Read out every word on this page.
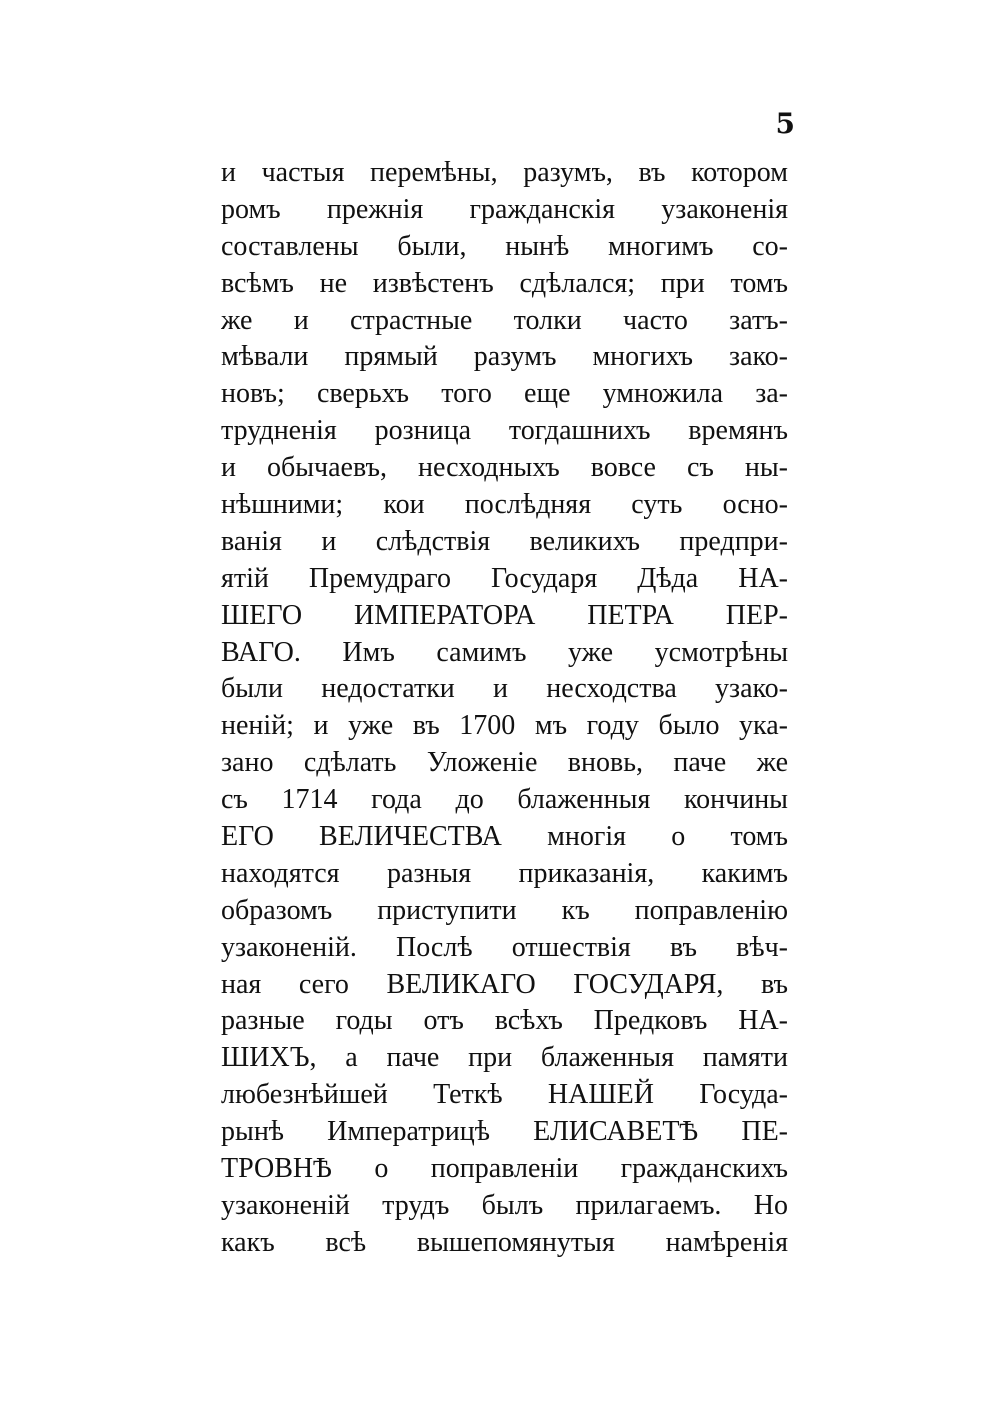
5
и частыя перемѣны, разумъ, въ котором
ромъ прежнія гражданскія узаконенія
составлены были, нынѣ многимъ со-
всѣмъ не извѣстенъ сдѣлался; при томъ
же и страстные толки часто затъ-
мѣвали прямый разумъ многихъ зако-
новъ; сверьхъ того еще умножила за-
трудненія розница тогдашнихъ времянъ
и обычаевъ, несходныхъ вовсе съ ны-
нѣшними; кои послѣдняя суть осно-
ванія и слѣдствія великихъ предпри-
ятій Премудраго Государя Дѣда НА-
ШЕГО ИМПЕРАТОРА ПЕТРА ПЕР-
ВАГО. Имъ самимъ уже усмотрѣны
были недостатки и несходства узако-
неній; и уже въ 1700 мъ году было ука-
зано сдѣлать Уложеніе вновь, паче же
съ 1714 года до блаженныя кончины
ЕГО ВЕЛИЧЕСТВА многія о томъ
находятся разныя приказанія, какимъ
образомъ приступити къ поправленію
узаконеній. Послѣ отшествія въ вѣч-
ная сего ВЕЛИКАГО ГОСУДАРЯ, въ
разные годы отъ всѣхъ Предковъ НА-
ШИХЪ, а паче при блаженныя памяти
любезнѣйшей Теткѣ НАШЕЙ Госуда-
рынѣ Императрицѣ ЕЛИСАВЕТѢ ПЕ-
ТРОВНѢ о поправленіи гражданскихъ
узаконеній трудъ былъ прилагаемъ. Но
какъ всѣ вышепомянутыя намѣренія
